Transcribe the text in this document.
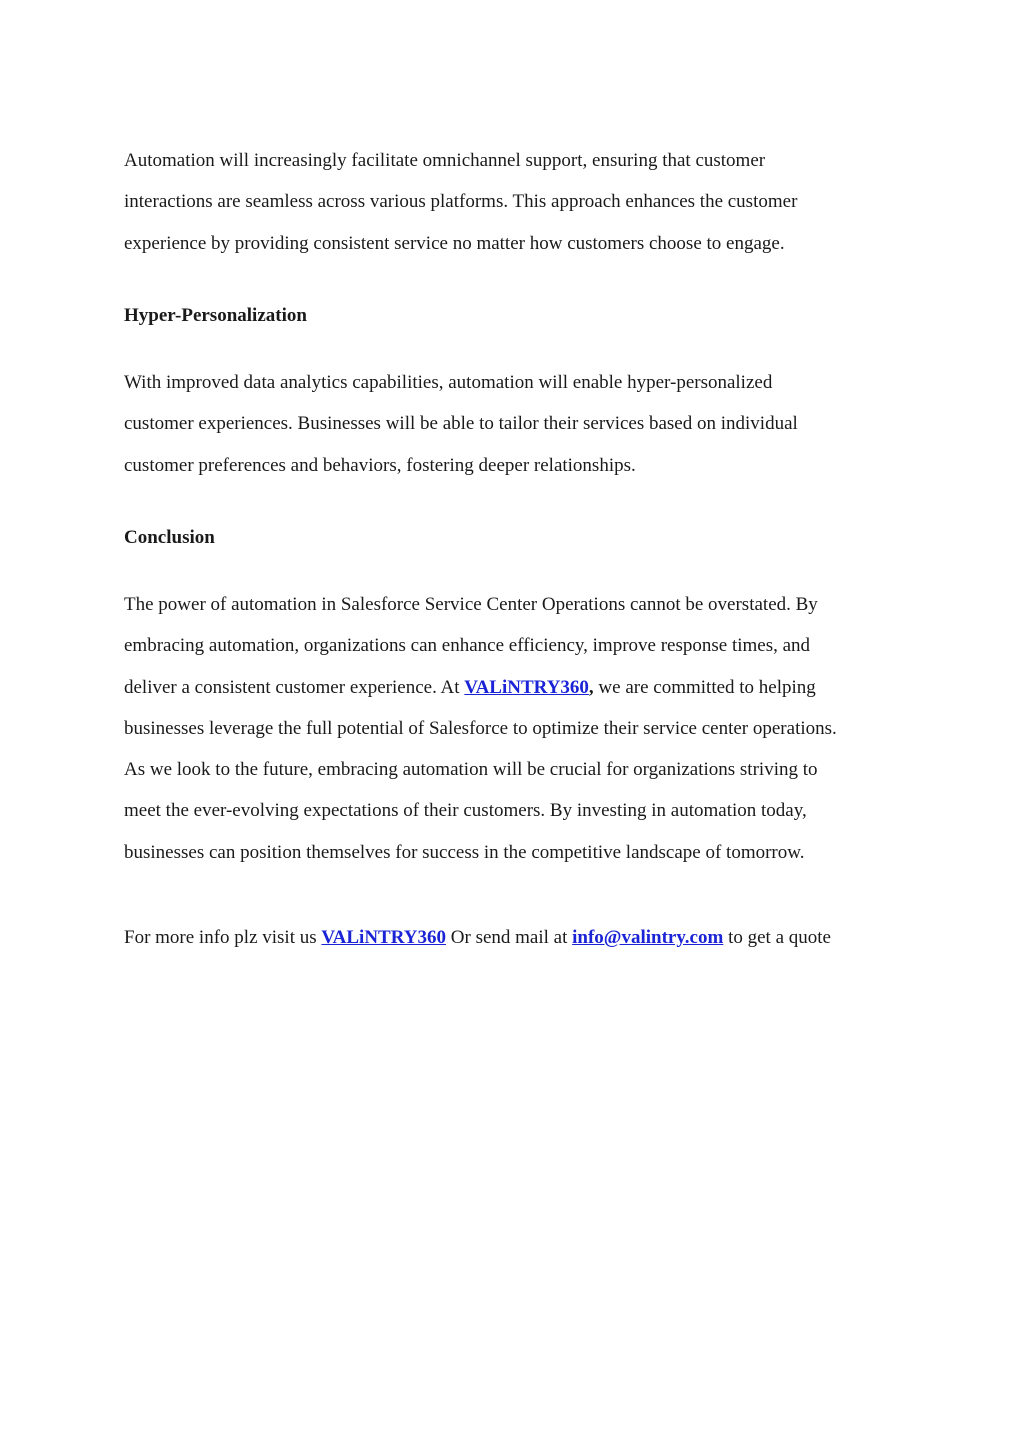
Automation will increasingly facilitate omnichannel support, ensuring that customer
interactions are seamless across various platforms. This approach enhances the customer
experience by providing consistent service no matter how customers choose to engage.

Hyper-Personalization

With improved data analytics capabilities, automation will enable hyper-personalized
customer experiences. Businesses will be able to tailor their services based on individual
customer preferences and behaviors, fostering deeper relationships.

Conclusion

The power of automation in Salesforce Service Center Operations cannot be overstated. By
embracing automation, organizations can enhance efficiency, improve response times, and
deliver a consistent customer experience. At VALiNTRY360, we are committed to helping
businesses leverage the full potential of Salesforce to optimize their service center operations.
As we look to the future, embracing automation will be crucial for organizations striving to
meet the ever-evolving expectations of their customers. By investing in automation today,
businesses can position themselves for success in the competitive landscape of tomorrow.

For more info plz visit us VALiNTRY360 Or send mail at info@valintry.com to get a quote
